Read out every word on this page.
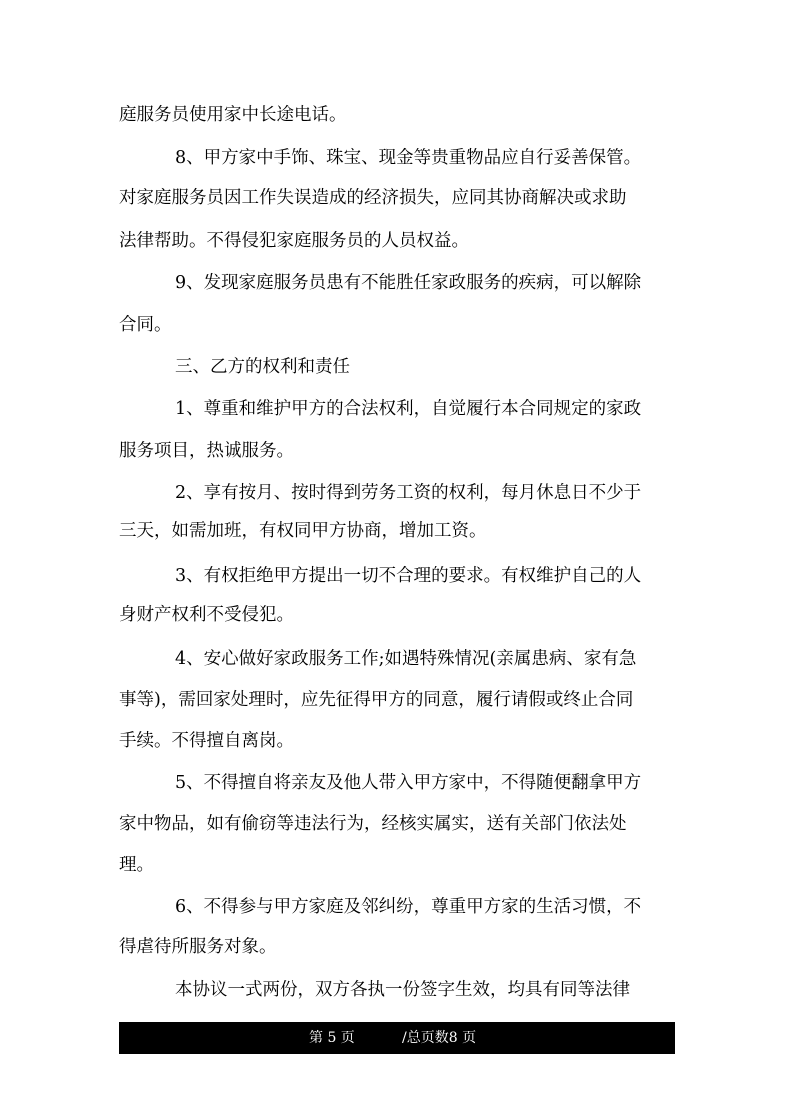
庭服务员使用家中长途电话。
8、甲方家中手饰、珠宝、现金等贵重物品应自行妥善保管。
对家庭服务员因工作失误造成的经济损失，应同其协商解决或求助
法律帮助。不得侵犯家庭服务员的人员权益。
9、发现家庭服务员患有不能胜任家政服务的疾病，可以解除
合同。
三、乙方的权利和责任
1、尊重和维护甲方的合法权利，自觉履行本合同规定的家政
服务项目，热诚服务。
2、享有按月、按时得到劳务工资的权利，每月休息日不少于
三天，如需加班，有权同甲方协商，增加工资。
3、有权拒绝甲方提出一切不合理的要求。有权维护自己的人
身财产权利不受侵犯。
4、安心做好家政服务工作;如遇特殊情况(亲属患病、家有急
事等)，需回家处理时，应先征得甲方的同意，履行请假或终止合同
手续。不得擅自离岗。
5、不得擅自将亲友及他人带入甲方家中，不得随便翻拿甲方
家中物品，如有偷窃等违法行为，经核实属实，送有关部门依法处
理。
6、不得参与甲方家庭及邻纠纷，尊重甲方家的生活习惯，不
得虐待所服务对象。
本协议一式两份，双方各执一份签字生效，均具有同等法律
第 5 页	/总页数8 页
